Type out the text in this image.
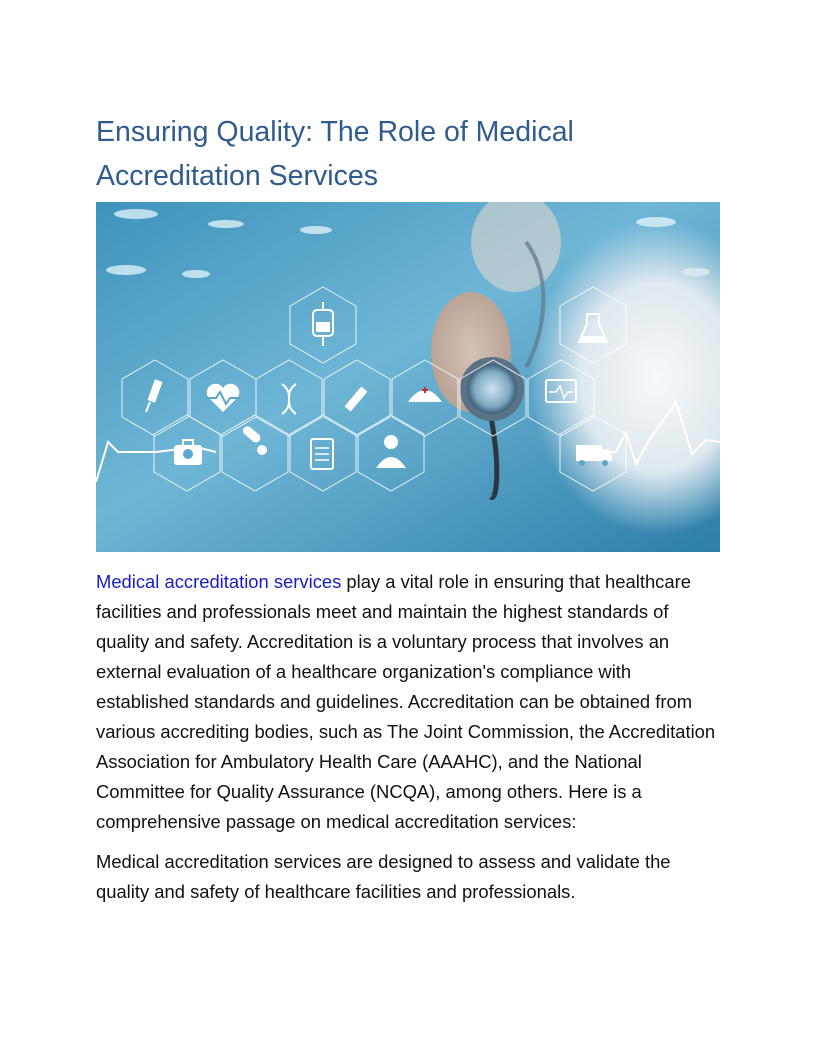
Ensuring Quality: The Role of Medical Accreditation Services

Medical accreditation services play a vital role in ensuring that healthcare facilities and professionals meet and maintain the highest standards of quality and safety. Accreditation is a voluntary process that involves an external evaluation of a healthcare organization's compliance with established standards and guidelines. Accreditation can be obtained from various accrediting bodies, such as The Joint Commission, the Accreditation Association for Ambulatory Health Care (AAAHC), and the National Committee for Quality Assurance (NCQA), among others. Here is a comprehensive passage on medical accreditation services:

Medical accreditation services are designed to assess and validate the quality and safety of healthcare facilities and professionals.
